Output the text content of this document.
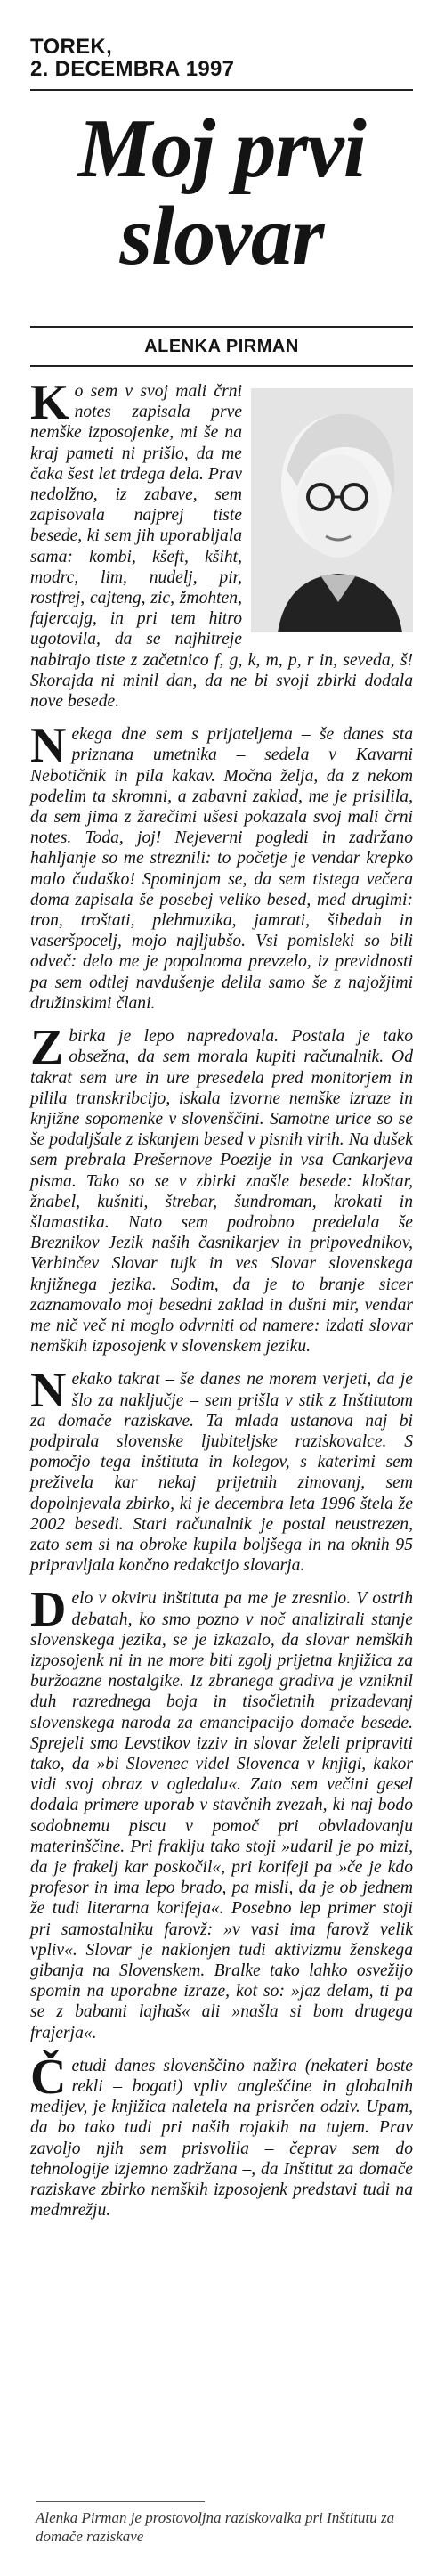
TOREK,
2. DECEMBRA 1997
Moj prvi
slovar
ALENKA PIRMAN

Ko sem v svoj mali črni notes zapisala prve nemške izposojenke, mi še na kraj pameti ni prišlo, da me čaka šest let trdega dela. Prav nedolžno, iz zabave, sem zapisovala najprej tiste besede, ki sem jih uporabljala sama: kombi, kšeft, kšiht, modrc, lim, nudelj, pir, rostfrej, cajteng, zic, žmohten, fajercajg, in pri tem hitro ugotovila, da se najhitreje nabirajo tiste z začetnico f, g, k, m, p, r in, seveda, š! Skorajda ni minil dan, da ne bi svoji zbirki dodala nove besede.

Nekega dne sem s prijateljema – še danes sta priznana umetnika – sedela v Kavarni Nebotičnik in pila kakav. Močna želja, da z nekom podelim ta skromni, a zabavni zaklad, me je prisilila, da sem jima z žarečimi ušesi pokazala svoj mali črni notes. Toda, joj! Nejeverni pogledi in zadržano hahljanje so me streznili: to početje je vendar krepko malo čudaško! Spominjam se, da sem tistega večera doma zapisala še posebej veliko besed, med drugimi: tron, troštati, plehmuzika, jamrati, šibedah in vaseršpocelj, mojo najljubšo. Vsi pomisleki so bili odveč: delo me je popolnoma prevzelo, iz previdnosti pa sem odtlej navdušenje delila samo še z najožjimi družinskimi člani.

Zbirka je lepo napredovala. Postala je tako obsežna, da sem morala kupiti računalnik. Od takrat sem ure in ure presedela pred monitorjem in pilila transkribcijo, iskala izvorne nemške izraze in knjižne sopomenke v slovenščini. Samotne urice so se še podaljšale z iskanjem besed v pisnih virih. Na dušek sem prebrala Prešernove Poezije in vsa Cankarjeva pisma. Tako so se v zbirki znašle besede: kloštar, žnabel, kušniti, štrebar, šundroman, krokati in šlamastika. Nato sem podrobno predelala še Breznikov Jezik naših časnikarjev in pripovednikov, Verbinčev Slovar tujk in ves Slovar slovenskega knjižnega jezika. Sodim, da je to branje sicer zaznamovalo moj besedni zaklad in dušni mir, vendar me nič več ni moglo odvrniti od namere: izdati slovar nemških izposojenk v slovenskem jeziku.

Nekako takrat – še danes ne morem verjeti, da je šlo za naključje – sem prišla v stik z Inštitutom za domače raziskave. Ta mlada ustanova naj bi podpirala slovenske ljubiteljske raziskovalce. S pomočjo tega inštituta in kolegov, s katerimi sem preživela kar nekaj prijetnih zimovanj, sem dopolnjevala zbirko, ki je decembra leta 1996 štela že 2002 besedi. Stari računalnik je postal neustrezen, zato sem si na obroke kupila boljšega in na oknih 95 pripravljala končno redakcijo slovarja.

Delo v okviru inštituta pa me je zresnilo. V ostrih debatah, ko smo pozno v noč analizirali stanje slovenskega jezika, se je izkazalo, da slovar nemških izposojenk ni in ne more biti zgolj prijetna knjižica za buržoazne nostalgike. Iz zbranega gradiva je vzniknil duh razrednega boja in tisočletnih prizadevanj slovenskega naroda za emancipacijo domače besede. Sprejeli smo Levstikov izziv in slovar želeli pripraviti tako, da »bi Slovenec videl Slovenca v knjigi, kakor vidi svoj obraz v ogledalu«. Zato sem večini gesel dodala primere uporab v stavčnih zvezah, ki naj bodo sodobnemu piscu v pomoč pri obvladovanju materinščine. Pri fraklju tako stoji »udaril je po mizi, da je frakelj kar poskočil«, pri korifeji pa »če je kdo profesor in ima lepo brado, pa misli, da je ob jednem že tudi literarna korifeja«. Posebno lep primer stoji pri samostalniku farovž: »v vasi ima farovž velik vpliv«. Slovar je naklonjen tudi aktivizmu ženskega gibanja na Slovenskem. Bralke tako lahko osvežijo spomin na uporabne izraze, kot so: »jaz delam, ti pa se z babami lajhaš« ali »našla si bom drugega frajerja«.

Četudi danes slovenščino nažira (nekateri boste rekli – bogati) vpliv angleščine in globalnih medijev, je knjižica naletela na prisrčen odziv. Upam, da bo tako tudi pri naših rojakih na tujem. Prav zavoljo njih sem prisvolila – čeprav sem do tehnologije izjemno zadržana –, da Inštitut za domače raziskave zbirko nemških izposojenk predstavi tudi na medmrežju.

Alenka Pirman je prostovoljna raziskovalka pri Inštitutu za domače raziskave
